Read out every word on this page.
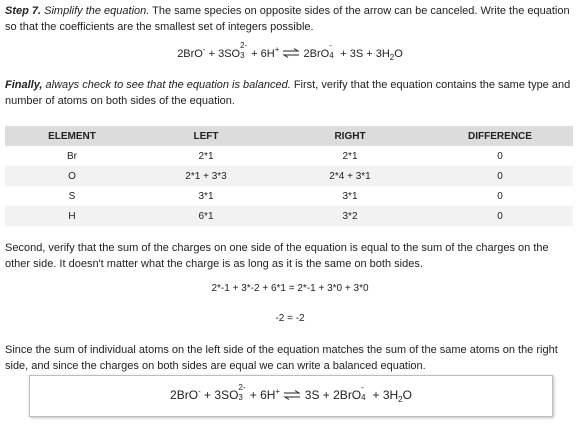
Step 7. Simplify the equation. The same species on opposite sides of the arrow can be canceled. Write the equation so that the coefficients are the smallest set of integers possible.

2BrO- + 3SO
2-
3 + 6H+ ⇌ 2BrO
-
$4 + 3S + 3H_2O$

Finally, always check to see that the equation is balanced. First, verify that the equation contains the same type and number of atoms on both sides of the equation.

ELEMENT	LEFT	RIGHT	DIFFERENCE
Br	2*1	2*1	0
O	2*1 + 3*3	2*4 + 3*1	0
S	3*1	3*1	0
H	6*1	3*2	0

Second, verify that the sum of the charges on one side of the equation is equal to the sum of the charges on the other side. It doesn't matter what the charge is as long as it is the same on both sides.

2*-1 + 3*-2 + 6*1 = 2*-1 + 3*0 + 3*0
-2 = -2

Since the sum of individual atoms on the left side of the equation matches the sum of the same atoms on the right side, and since the charges on both sides are equal we can write a balanced equation.

2BrO- + 3SO
2-
3 + 6H+ ⇌ 3S + 2BrO
-
$4 + 3H_2O$
